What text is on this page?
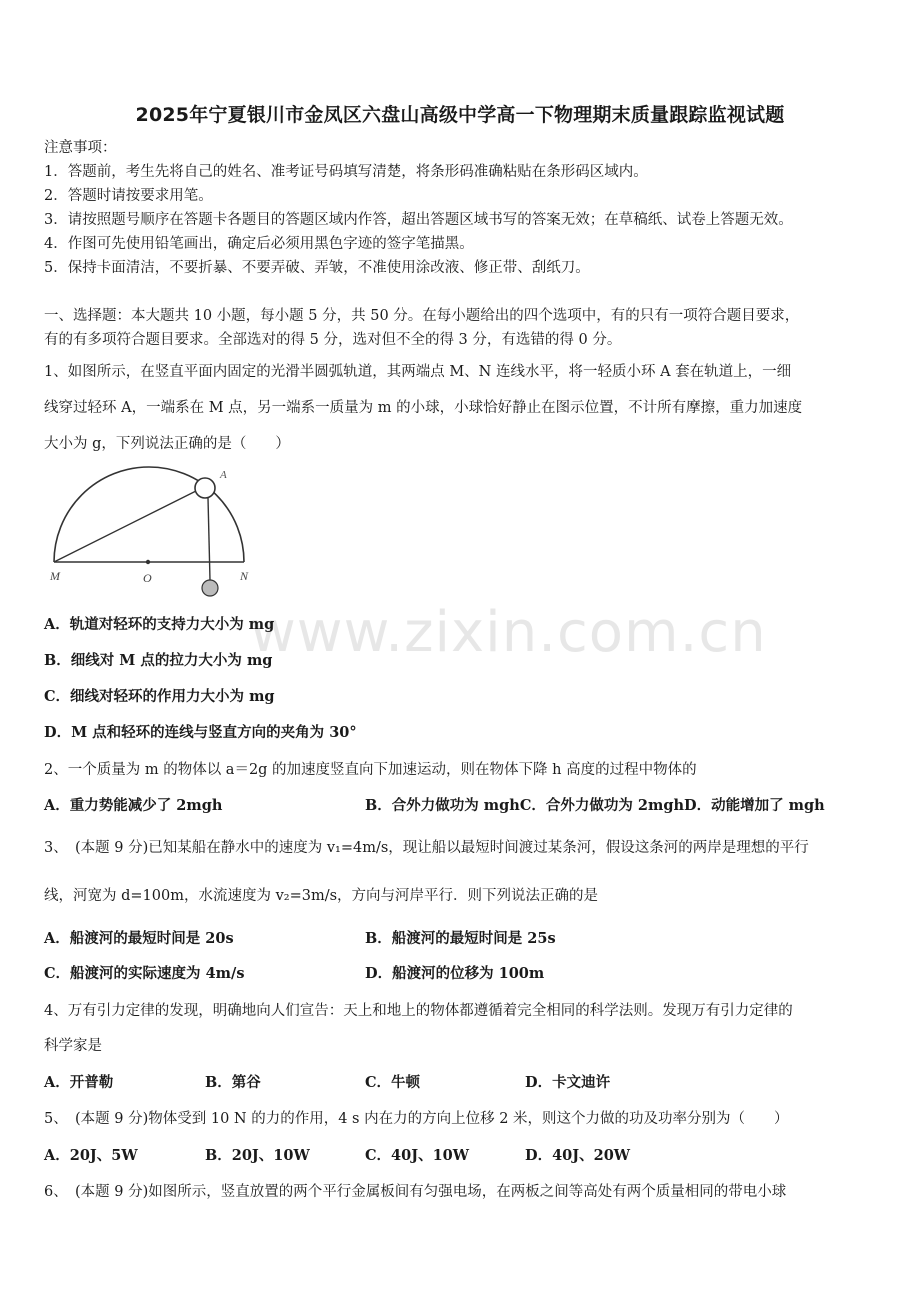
2025年宁夏银川市金凤区六盘山高级中学高一下物理期末质量跟踪监视试题
注意事项：
1．答题前，考生先将自己的姓名、准考证号码填写清楚，将条形码准确粘贴在条形码区域内。
2．答题时请按要求用笔。
3．请按照题号顺序在答题卡各题目的答题区域内作答，超出答题区域书写的答案无效；在草稿纸、试卷上答题无效。
4．作图可先使用铅笔画出，确定后必须用黑色字迹的签字笔描黑。
5．保持卡面清洁，不要折暴、不要弄破、弄皱，不准使用涂改液、修正带、刮纸刀。
一、选择题：本大题共 10 小题，每小题 5 分，共 50 分。在每小题给出的四个选项中，有的只有一项符合题目要求，
有的有多项符合题目要求。全部选对的得 5 分，选对但不全的得 3 分，有选错的得 0 分。
1、如图所示，在竖直平面内固定的光滑半圆弧轨道，其两端点 M、N 连线水平，将一轻质小环 A 套在轨道上，一细
线穿过轻环 A，一端系在 M 点，另一端系一质量为 m 的小球，小球恰好静止在图示位置，不计所有摩擦，重力加速度
大小为 g，下列说法正确的是（　　）
M	O	N
A
www.zixin.com.cn
A．轨道对轻环的支持力大小为 mg
B．细线对 M 点的拉力大小为 mg
C．细线对轻环的作用力大小为 mg
D．M 点和轻环的连线与竖直方向的夹角为 30°
2、一个质量为 m 的物体以 a＝2g 的加速度竖直向下加速运动，则在物体下降 h 高度的过程中物体的
A．重力势能减少了 2mgh	B．合外力做功为 mghC．合外力做功为 2mghD．动能增加了 mgh
3、　(本题 9 分)已知某船在静水中的速度为 v₁=4m/s，现让船以最短时间渡过某条河，假设这条河的两岸是理想的平行
线，河宽为 d=100m，水流速度为 v₂=3m/s，方向与河岸平行．则下列说法正确的是
A．船渡河的最短时间是 20s	B．船渡河的最短时间是 25s
C．船渡河的实际速度为 4m/s	D．船渡河的位移为 100m
4、万有引力定律的发现，明确地向人们宣告：天上和地上的物体都遵循着完全相同的科学法则。发现万有引力定律的
科学家是
A．开普勒	B．第谷	C．牛顿	D．卡文迪许
5、　(本题 9 分)物体受到 10 N 的力的作用，4 s 内在力的方向上位移 2 米，则这个力做的功及功率分别为（　　）
A．20J、5W	B．20J、10W	C．40J、10W	D．40J、20W
6、　(本题 9 分)如图所示，竖直放置的两个平行金属板间有匀强电场，在两板之间等高处有两个质量相同的带电小球
